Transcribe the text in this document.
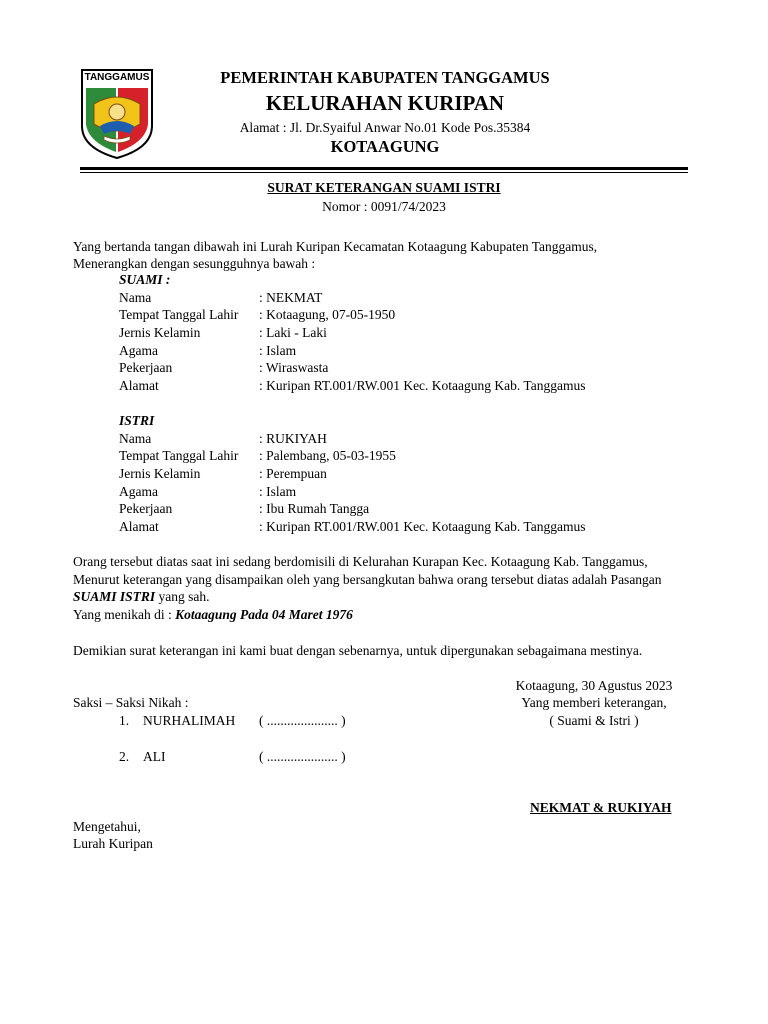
TANGGAMUS	PEMERINTAH KABUPATEN TANGGAMUS
KELURAHAN KURIPAN
Alamat : Jl. Dr.Syaiful Anwar No.01 Kode Pos.35384
KOTAAGUNG
SURAT KETERANGAN SUAMI ISTRI
Nomor : 0091/74/2023
Yang bertanda tangan dibawah ini Lurah Kuripan Kecamatan Kotaagung Kabupaten Tanggamus,
Menerangkan dengan sesungguhnya bawah :
SUAMI :
Nama	: NEKMAT
Tempat Tanggal Lahir	: Kotaagung, 07-05-1950
Jernis Kelamin	: Laki - Laki
Agama	: Islam
Pekerjaan	: Wiraswasta
Alamat	: Kuripan RT.001/RW.001 Kec. Kotaagung Kab. Tanggamus
ISTRI
Nama	: RUKIYAH
Tempat Tanggal Lahir	: Palembang, 05-03-1955
Jernis Kelamin	: Perempuan
Agama	: Islam
Pekerjaan	: Ibu Rumah Tangga
Alamat	: Kuripan RT.001/RW.001 Kec. Kotaagung Kab. Tanggamus
Orang tersebut diatas saat ini sedang berdomisili di Kelurahan Kurapan Kec. Kotaagung Kab. Tanggamus,
Menurut keterangan yang disampaikan oleh yang bersangkutan bahwa orang tersebut diatas adalah Pasangan
SUAMI ISTRI yang sah.
Yang menikah di : Kotaagung Pada 04 Maret 1976
Demikian surat keterangan ini kami buat dengan sebenarnya, untuk dipergunakan sebagaimana mestinya.
Kotaagung, 30 Agustus 2023
Yang memberi keterangan,
( Suami & Istri )
NEKMAT & RUKIYAH
Saksi – Saksi Nikah :
1. NURHALIMAH ( ..................... )
2. ALI	( ..................... )
Mengetahui,
Lurah Kuripan
